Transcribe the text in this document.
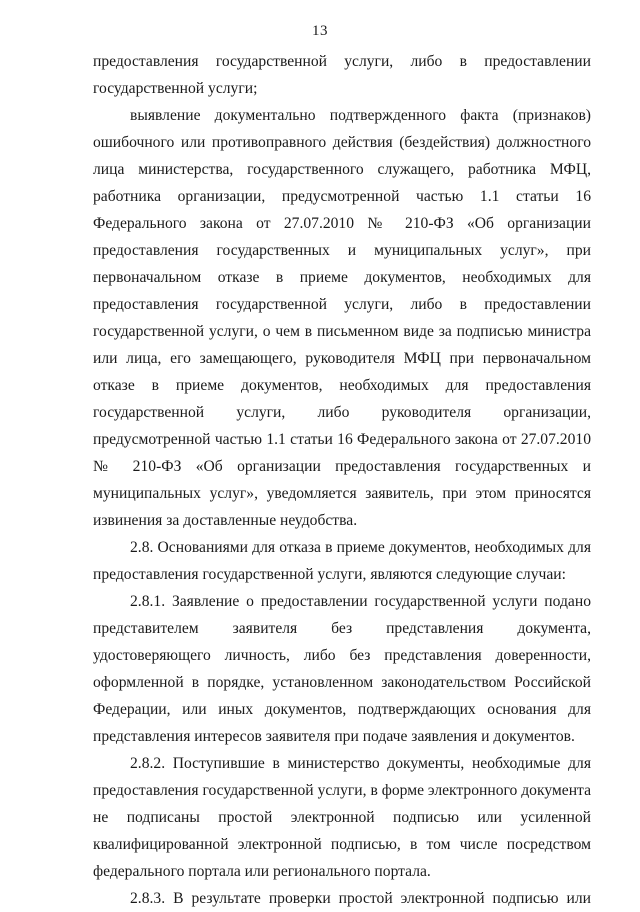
13

предоставления государственной услуги, либо в предоставлении государственной услуги;

выявление документально подтвержденного факта (признаков) ошибочного или противоправного действия (бездействия) должностного лица министерства, государственного служащего, работника МФЦ, работника организации, предусмотренной частью 1.1 статьи 16 Федерального закона от 27.07.2010 № 210-ФЗ «Об организации предоставления государственных и муниципальных услуг», при первоначальном отказе в приеме документов, необходимых для предоставления государственной услуги, либо в предоставлении государственной услуги, о чем в письменном виде за подписью министра или лица, его замещающего, руководителя МФЦ при первоначальном отказе в приеме документов, необходимых для предоставления государственной услуги, либо руководителя организации, предусмотренной частью 1.1 статьи 16 Федерального закона от 27.07.2010 № 210-ФЗ «Об организации предоставления государственных и муниципальных услуг», уведомляется заявитель, при этом приносятся извинения за доставленные неудобства.

2.8. Основаниями для отказа в приеме документов, необходимых для предоставления государственной услуги, являются следующие случаи:

2.8.1. Заявление о предоставлении государственной услуги подано представителем заявителя без представления документа, удостоверяющего личность, либо без представления доверенности, оформленной в порядке, установленном законодательством Российской Федерации, или иных документов, подтверждающих основания для представления интересов заявителя при подаче заявления и документов.

2.8.2. Поступившие в министерство документы, необходимые для предоставления государственной услуги, в форме электронного документа не подписаны простой электронной подписью или усиленной квалифицированной электронной подписью, в том числе посредством федерального портала или регионального портала.

2.8.3. В результате проверки простой электронной подписью или
